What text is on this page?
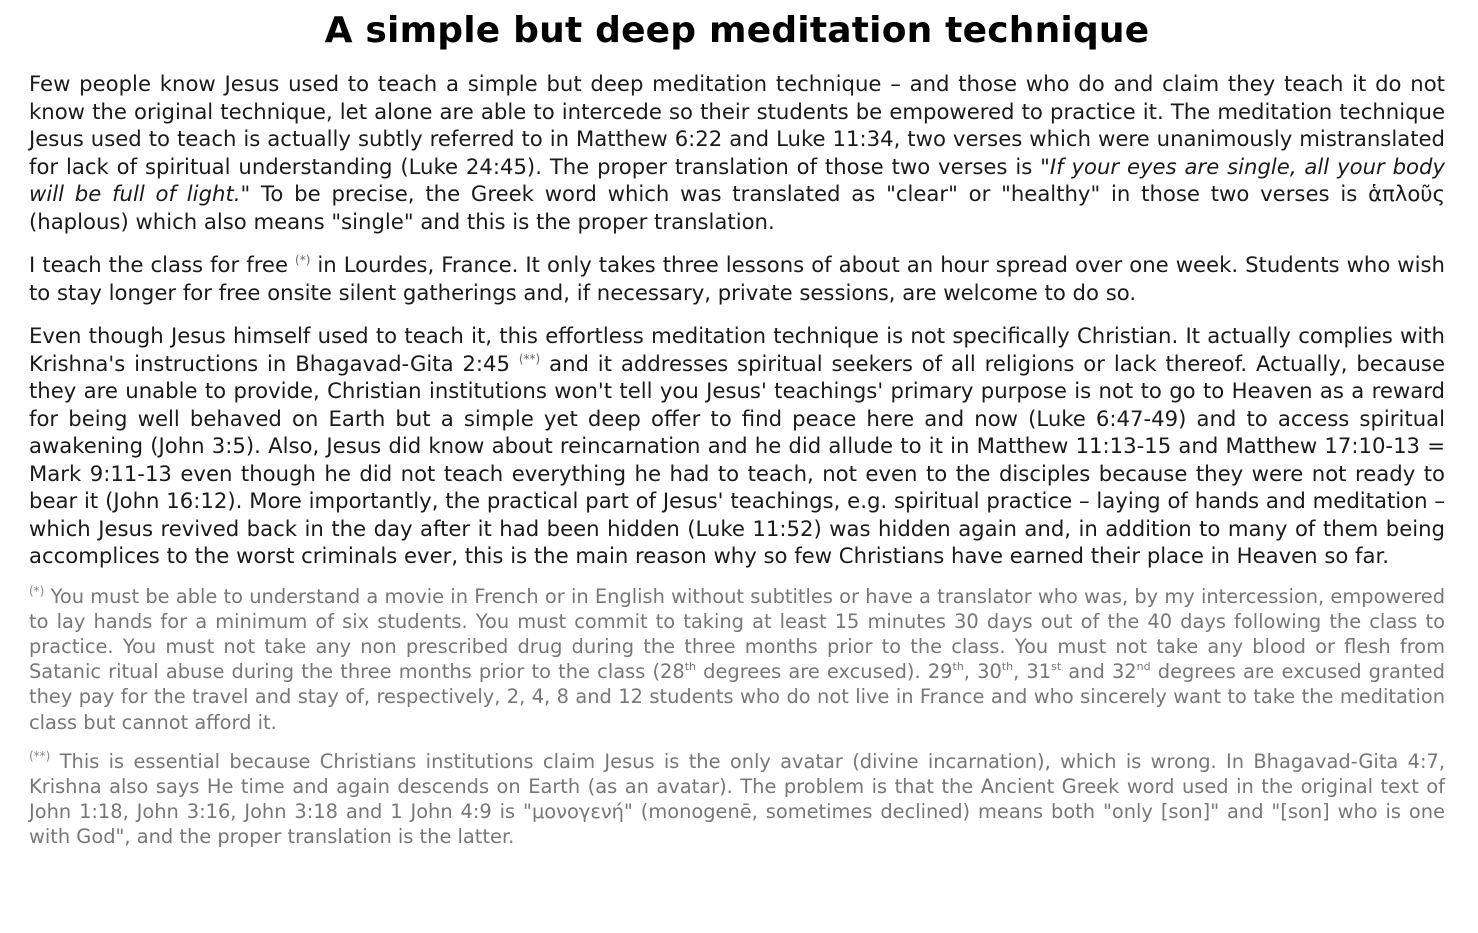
A simple but deep meditation technique

Few people know Jesus used to teach a simple but deep meditation technique – and those who do and claim they teach it do not know the original technique, let alone are able to intercede so their students be empowered to practice it. The meditation technique Jesus used to teach is actually subtly referred to in Matthew 6:22 and Luke 11:34, two verses which were unanimously mistranslated for lack of spiritual understanding (Luke 24:45). The proper translation of those two verses is "If your eyes are single, all your body will be full of light." To be precise, the Greek word which was translated as "clear" or "healthy" in those two verses is ἁπλοῦς (haplous) which also means "single" and this is the proper translation.

I teach the class for free (*) in Lourdes, France. It only takes three lessons of about an hour spread over one week. Students who wish to stay longer for free onsite silent gatherings and, if necessary, private sessions, are welcome to do so.

Even though Jesus himself used to teach it, this effortless meditation technique is not specifically Christian. It actually complies with Krishna's instructions in Bhagavad-Gita 2:45 (**) and it addresses spiritual seekers of all religions or lack thereof. Actually, because they are unable to provide, Christian institutions won't tell you Jesus' teachings' primary purpose is not to go to Heaven as a reward for being well behaved on Earth but a simple yet deep offer to find peace here and now (Luke 6:47-49) and to access spiritual awakening (John 3:5). Also, Jesus did know about reincarnation and he did allude to it in Matthew 11:13-15 and Matthew 17:10-13 = Mark 9:11-13 even though he did not teach everything he had to teach, not even to the disciples because they were not ready to bear it (John 16:12). More importantly, the practical part of Jesus' teachings, e.g. spiritual practice – laying of hands and meditation – which Jesus revived back in the day after it had been hidden (Luke 11:52) was hidden again and, in addition to many of them being accomplices to the worst criminals ever, this is the main reason why so few Christians have earned their place in Heaven so far.

(*) You must be able to understand a movie in French or in English without subtitles or have a translator who was, by my intercession, empowered to lay hands for a minimum of six students. You must commit to taking at least 15 minutes 30 days out of the 40 days following the class to practice. You must not take any non prescribed drug during the three months prior to the class. You must not take any blood or flesh from Satanic ritual abuse during the three months prior to the class (28th degrees are excused). 29th, 30th, 31st and 32nd degrees are excused granted they pay for the travel and stay of, respectively, 2, 4, 8 and 12 students who do not live in France and who sincerely want to take the meditation class but cannot afford it.

(**) This is essential because Christians institutions claim Jesus is the only avatar (divine incarnation), which is wrong. In Bhagavad-Gita 4:7, Krishna also says He time and again descends on Earth (as an avatar). The problem is that the Ancient Greek word used in the original text of John 1:18, John 3:16, John 3:18 and 1 John 4:9 is "μονογενή" (monogenē, sometimes declined) means both "only [son]" and "[son] who is one with God", and the proper translation is the latter.
